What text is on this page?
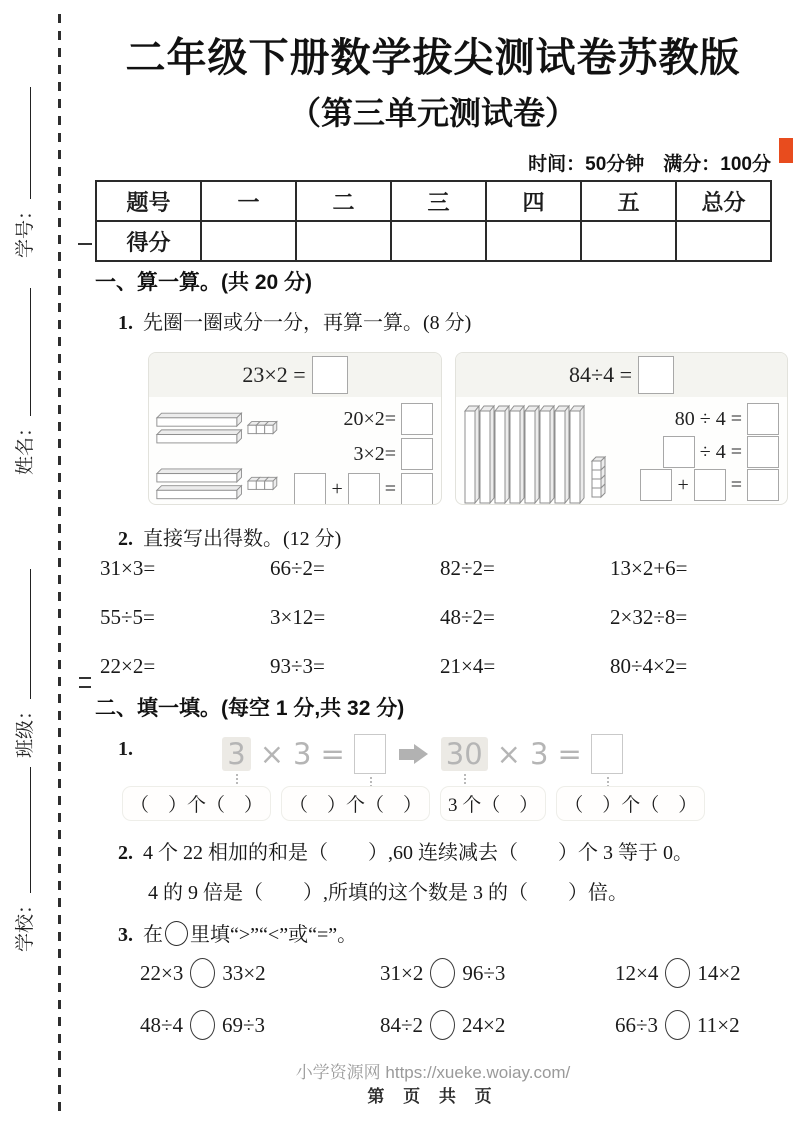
学号：
姓名：
班级：
学校：
二年级下册数学拔尖测试卷苏教版
（第三单元测试卷）
时间：50分钟　满分：100分
题号	一	二	三	四	五	总分
得分						
一、算一算。(共 20 分)
1. 先圈一圈或分一分，再算一算。(8 分)
23×2 =
20×2=
3×2=
+ =
84÷4 =
80 ÷ 4 =
÷ 4 =
+ =
2. 直接写出得数。(12 分)
31×3=	66÷2=	82÷2=	13×2+6=
55÷5=	3×12=	48÷2=	2×32÷8=
22×2=	93÷3=	21×4=	80÷4×2=
二、填一填。(每空 1 分,共 32 分)
1.	3 × 3 =	30 × 3 =
（　）个（　）	（　）个（　）	3 个（　）	（　）个（　）
2. 4 个 22 相加的和是（　　）,60 连续减去（　　）个 3 等于 0。
4 的 9 倍是（　　）,所填的这个数是 3 的（　　）倍。
3. 在 里填“>”“<”或“=”。
22×3 33×2	31×2 96÷3	12×4 14×2
48÷4 69÷3	84÷2 24×2	66÷3 11×2
小学资源网 https://xueke.woiay.com/
第 页 共 页
